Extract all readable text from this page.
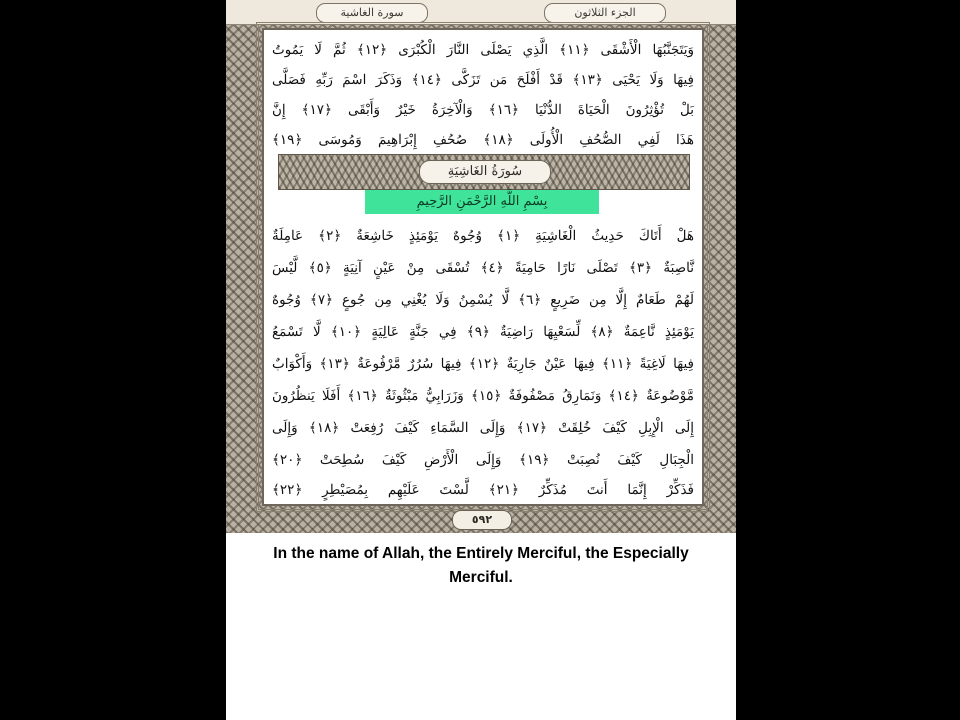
سورة الغاشية	الجزء الثلاثون
وَيَتَجَنَّبُهَا الْأَشْقَى ﴿١١﴾ الَّذِي يَصْلَى النَّارَ الْكُبْرَى ﴿١٢﴾ ثُمَّ لَا يَمُوتُ
فِيهَا وَلَا يَحْيَى ﴿١٣﴾ قَدْ أَفْلَحَ مَن تَزَكَّى ﴿١٤﴾ وَذَكَرَ اسْمَ رَبِّهِ فَصَلَّى
بَلْ تُؤْثِرُونَ الْحَيَاةَ الدُّنْيَا ﴿١٦﴾ وَالْآخِرَةُ خَيْرٌ وَأَبْقَى ﴿١٧﴾ إِنَّ
هَذَا لَفِي الصُّحُفِ الْأُولَى ﴿١٨﴾ صُحُفِ إِبْرَاهِيمَ وَمُوسَى ﴿١٩﴾
سُورَةُ الغَاشِيَةِ
بِسْمِ اللَّهِ الرَّحْمَنِ الرَّحِيمِ
هَلْ أَتَاكَ حَدِيثُ الْغَاشِيَةِ ﴿١﴾ وُجُوهٌ يَوْمَئِذٍ خَاشِعَةٌ ﴿٢﴾ عَامِلَةٌ
نَّاصِبَةٌ ﴿٣﴾ تَصْلَى نَارًا حَامِيَةً ﴿٤﴾ تُسْقَى مِنْ عَيْنٍ آنِيَةٍ ﴿٥﴾ لَّيْسَ
لَهُمْ طَعَامٌ إِلَّا مِن ضَرِيعٍ ﴿٦﴾ لَّا يُسْمِنُ وَلَا يُغْنِي مِن جُوعٍ ﴿٧﴾ وُجُوهٌ
يَوْمَئِذٍ نَّاعِمَةٌ ﴿٨﴾ لِّسَعْيِهَا رَاضِيَةٌ ﴿٩﴾ فِي جَنَّةٍ عَالِيَةٍ ﴿١٠﴾ لَّا تَسْمَعُ
فِيهَا لَاغِيَةً ﴿١١﴾ فِيهَا عَيْنٌ جَارِيَةٌ ﴿١٢﴾ فِيهَا سُرُرٌ مَّرْفُوعَةٌ ﴿١٣﴾ وَأَكْوَابٌ
مَّوْضُوعَةٌ ﴿١٤﴾ وَنَمَارِقُ مَصْفُوفَةٌ ﴿١٥﴾ وَزَرَابِيُّ مَبْثُوثَةٌ ﴿١٦﴾ أَفَلَا يَنظُرُونَ
إِلَى الْإِبِلِ كَيْفَ خُلِقَتْ ﴿١٧﴾ وَإِلَى السَّمَاءِ كَيْفَ رُفِعَتْ ﴿١٨﴾ وَإِلَى
الْجِبَالِ كَيْفَ نُصِبَتْ ﴿١٩﴾ وَإِلَى الْأَرْضِ كَيْفَ سُطِحَتْ ﴿٢٠﴾
فَذَكِّرْ إِنَّمَا أَنتَ مُذَكِّرٌ ﴿٢١﴾ لَّسْتَ عَلَيْهِم بِمُصَيْطِرٍ ﴿٢٢﴾
٥٩٢
In the name of Allah, the Entirely Merciful, the Especially Merciful.
